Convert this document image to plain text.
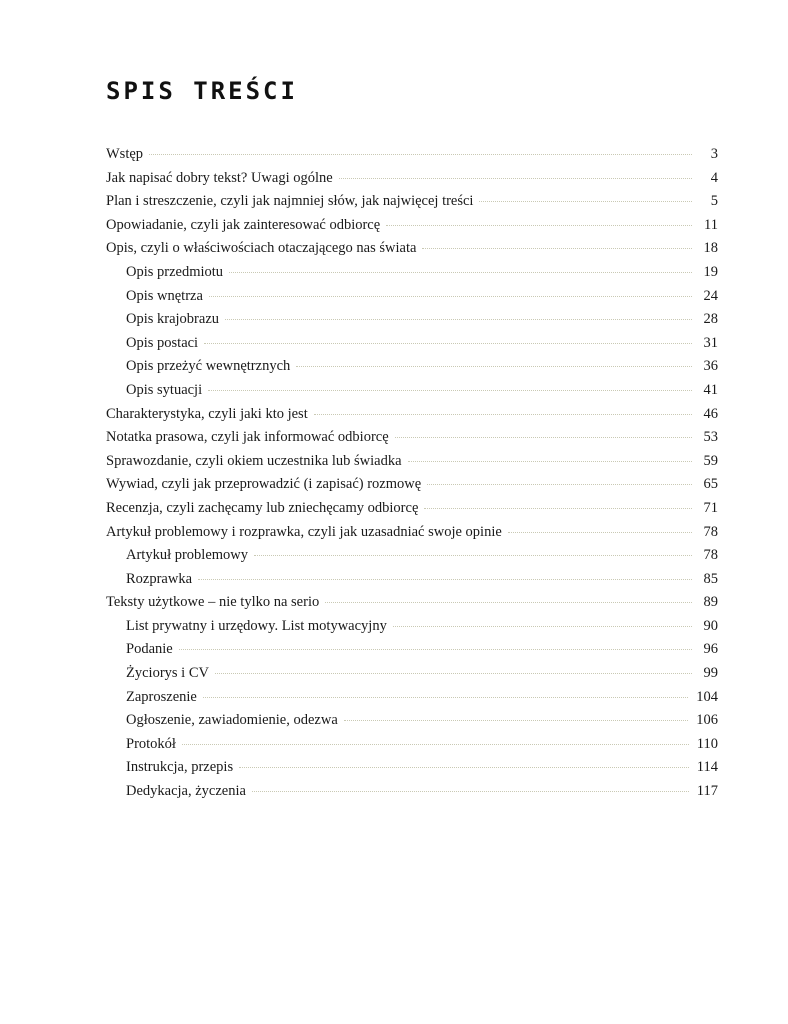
SPIS TREŚCI
Wstęp	3
Jak napisać dobry tekst? Uwagi ogólne	4
Plan i streszczenie, czyli jak najmniej słów, jak najwięcej treści	5
Opowiadanie, czyli jak zainteresować odbiorcę	11
Opis, czyli o właściwościach otaczającego nas świata	18
Opis przedmiotu	19
Opis wnętrza	24
Opis krajobrazu	28
Opis postaci	31
Opis przeżyć wewnętrznych	36
Opis sytuacji	41
Charakterystyka, czyli jaki kto jest	46
Notatka prasowa, czyli jak informować odbiorcę	53
Sprawozdanie, czyli okiem uczestnika lub świadka	59
Wywiad, czyli jak przeprowadzić (i zapisać) rozmowę	65
Recenzja, czyli zachęcamy lub zniechęcamy odbiorcę	71
Artykuł problemowy i rozprawka, czyli jak uzasadniać swoje opinie	78
Artykuł problemowy	78
Rozprawka	85
Teksty użytkowe – nie tylko na serio	89
List prywatny i urzędowy. List motywacyjny	90
Podanie	96
Życiorys i CV	99
Zaproszenie	104
Ogłoszenie, zawiadomienie, odezwa	106
Protokół	110
Instrukcja, przepis	114
Dedykacja, życzenia	117
